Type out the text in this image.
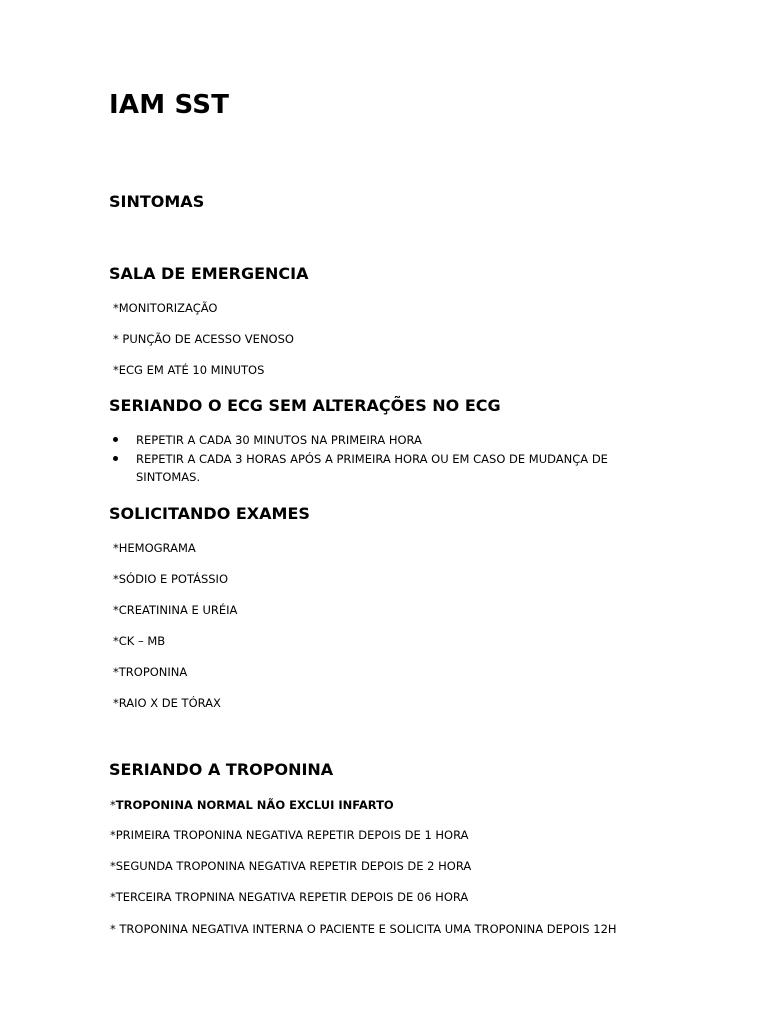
IAM SST
SINTOMAS
SALA DE EMERGENCIA
*MONITORIZAÇÃO
* PUNÇÃO DE ACESSO VENOSO
*ECG EM ATÉ 10 MINUTOS
SERIANDO O ECG SEM ALTERAÇÕES NO ECG
REPETIR A CADA 30 MINUTOS NA PRIMEIRA HORA
REPETIR A CADA 3 HORAS APÓS A PRIMEIRA HORA OU EM CASO DE MUDANÇA DE
SINTOMAS.
SOLICITANDO EXAMES
*HEMOGRAMA
*SÓDIO E POTÁSSIO
*CREATININA E URÉIA
*CK – MB
*TROPONINA
*RAIO X DE TÓRAX
SERIANDO A TROPONINA
*TROPONINA NORMAL NÃO EXCLUI INFARTO
*PRIMEIRA TROPONINA NEGATIVA REPETIR DEPOIS DE 1 HORA
*SEGUNDA TROPONINA NEGATIVA REPETIR DEPOIS DE 2 HORA
*TERCEIRA TROPNINA NEGATIVA REPETIR DEPOIS DE 06 HORA
* TROPONINA NEGATIVA INTERNA O PACIENTE E SOLICITA UMA TROPONINA DEPOIS 12H
